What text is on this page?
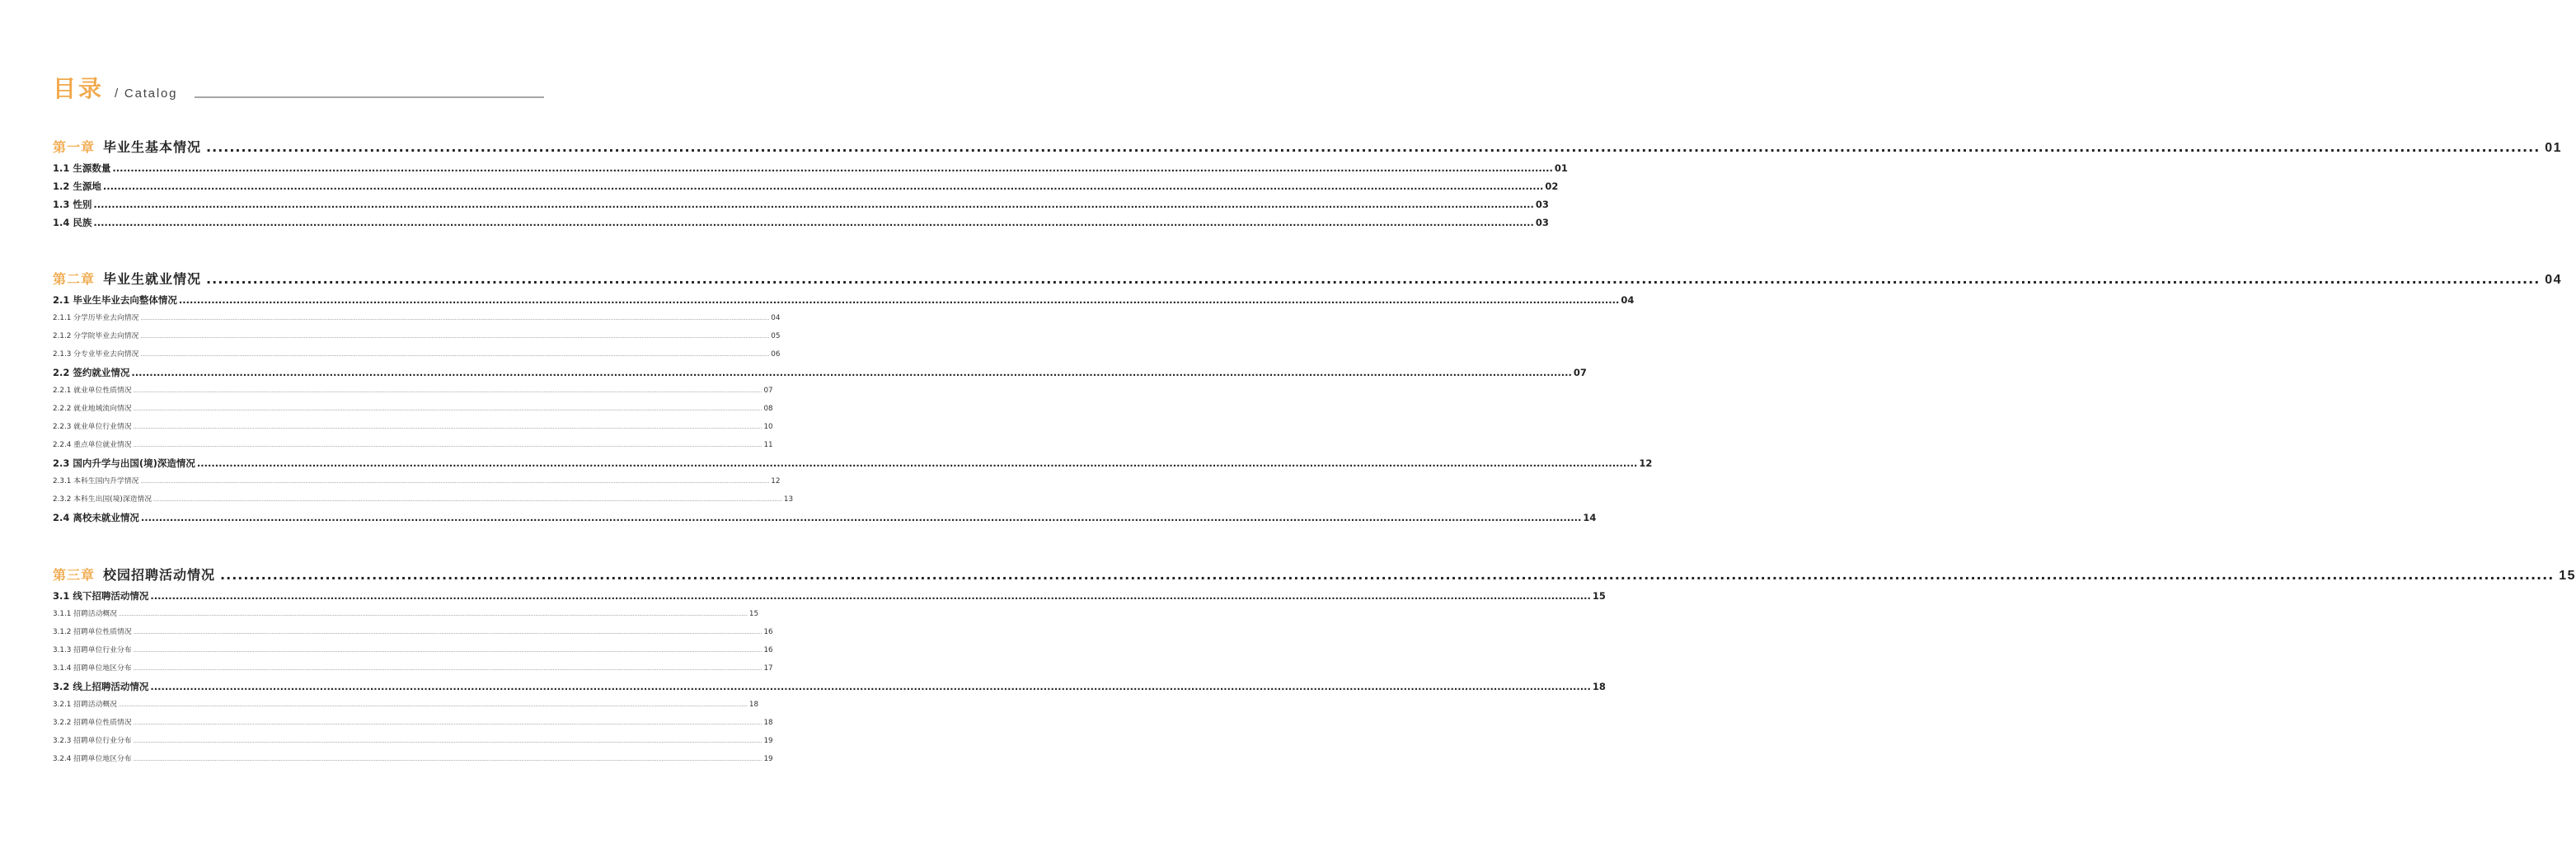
目录 / Catalog
第一章 毕业生基本情况 ................................................................................................................................................................................................................................................................................................................................................................................................................ 01
1.1 生源数量 ................................................................................................................................................................................................................................................................................................................................................................................................................ 01
1.2 生源地 ................................................................................................................................................................................................................................................................................................................................................................................................................ 02
1.3 性别 ................................................................................................................................................................................................................................................................................................................................................................................................................ 03
1.4 民族 ................................................................................................................................................................................................................................................................................................................................................................................................................ 03
第二章 毕业生就业情况 ................................................................................................................................................................................................................................................................................................................................................................................................................ 04
2.1 毕业生毕业去向整体情况 ................................................................................................................................................................................................................................................................................................................................................................................................................ 04
2.1.1 分学历毕业去向情况 ................................................................................................................................................................................................................................................................................................................................................................................................................ 04
2.1.2 分学院毕业去向情况 ................................................................................................................................................................................................................................................................................................................................................................................................................ 05
2.1.3 分专业毕业去向情况 ................................................................................................................................................................................................................................................................................................................................................................................................................ 06
2.2 签约就业情况 ................................................................................................................................................................................................................................................................................................................................................................................................................ 07
2.2.1 就业单位性质情况 ................................................................................................................................................................................................................................................................................................................................................................................................................ 07
2.2.2 就业地域流向情况 ................................................................................................................................................................................................................................................................................................................................................................................................................ 08
2.2.3 就业单位行业情况 ................................................................................................................................................................................................................................................................................................................................................................................................................ 10
2.2.4 重点单位就业情况 ................................................................................................................................................................................................................................................................................................................................................................................................................ 11
2.3 国内升学与出国(境)深造情况 ................................................................................................................................................................................................................................................................................................................................................................................................................ 12
2.3.1 本科生国内升学情况 ................................................................................................................................................................................................................................................................................................................................................................................................................ 12
2.3.2 本科生出国(境)深造情况 ................................................................................................................................................................................................................................................................................................................................................................................................................ 13
2.4 离校未就业情况 ................................................................................................................................................................................................................................................................................................................................................................................................................ 14
第三章 校园招聘活动情况 ................................................................................................................................................................................................................................................................................................................................................................................................................ 15
3.1 线下招聘活动情况 ................................................................................................................................................................................................................................................................................................................................................................................................................ 15
3.1.1 招聘活动概况 ................................................................................................................................................................................................................................................................................................................................................................................................................ 15
3.1.2 招聘单位性质情况 ................................................................................................................................................................................................................................................................................................................................................................................................................ 16
3.1.3 招聘单位行业分布 ................................................................................................................................................................................................................................................................................................................................................................................................................ 16
3.1.4 招聘单位地区分布 ................................................................................................................................................................................................................................................................................................................................................................................................................ 17
3.2 线上招聘活动情况 ................................................................................................................................................................................................................................................................................................................................................................................................................ 18
3.2.1 招聘活动概况 ................................................................................................................................................................................................................................................................................................................................................................................................................ 18
3.2.2 招聘单位性质情况 ................................................................................................................................................................................................................................................................................................................................................................................................................ 18
3.2.3 招聘单位行业分布 ................................................................................................................................................................................................................................................................................................................................................................................................................ 19
3.2.4 招聘单位地区分布 ................................................................................................................................................................................................................................................................................................................................................................................................................ 19
